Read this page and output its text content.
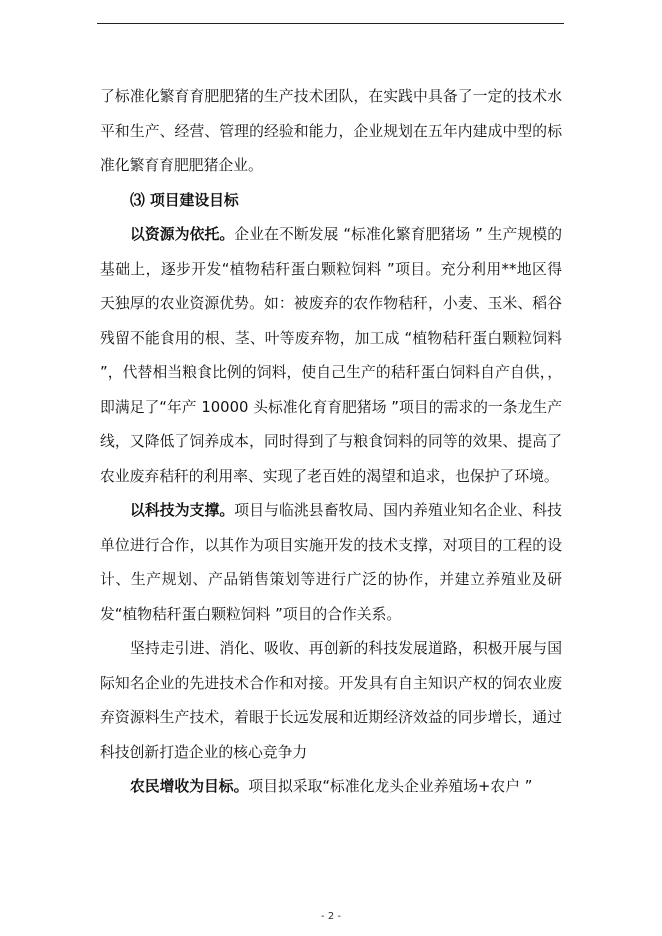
了标准化繁育育肥肥猪的生产技术团队，在实践中具备了一定的技术水平和生产、经营、管理的经验和能力，企业规划在五年内建成中型的标准化繁育育肥肥猪企业。

⑶ 项目建设目标

以资源为依托。企业在不断发展 “标准化繁育肥猪场 ” 生产规模的基础上，逐步开发“植物秸秆蛋白颗粒饲料 ”项目。充分利用**地区得天独厚的农业资源优势。如：被废弃的农作物秸秆，小麦、玉米、稻谷残留不能食用的根、茎、叶等废弃物，加工成 “植物秸秆蛋白颗粒饲料 ”，代替相当粮食比例的饲料，使自己生产的秸秆蛋白饲料自产自供，，即满足了“年产 10000 头标准化育育肥猪场 ”项目的需求的一条龙生产线，又降低了饲养成本，同时得到了与粮食饲料的同等的效果、提高了农业废弃秸秆的利用率、实现了老百姓的渴望和追求，也保护了环境。

以科技为支撑。项目与临洮县畜牧局、国内养殖业知名企业、科技单位进行合作，以其作为项目实施开发的技术支撑，对项目的工程的设计、生产规划、产品销售策划等进行广泛的协作，并建立养殖业及研发“植物秸秆蛋白颗粒饲料 ”项目的合作关系。

坚持走引进、消化、吸收、再创新的科技发展道路，积极开展与国际知名企业的先进技术合作和对接。开发具有自主知识产权的饲农业废弃资源料生产技术，着眼于长远发展和近期经济效益的同步增长，通过科技创新打造企业的核心竞争力

农民增收为目标。项目拟采取“标准化龙头企业养殖场+农户 ”

- 2 -
